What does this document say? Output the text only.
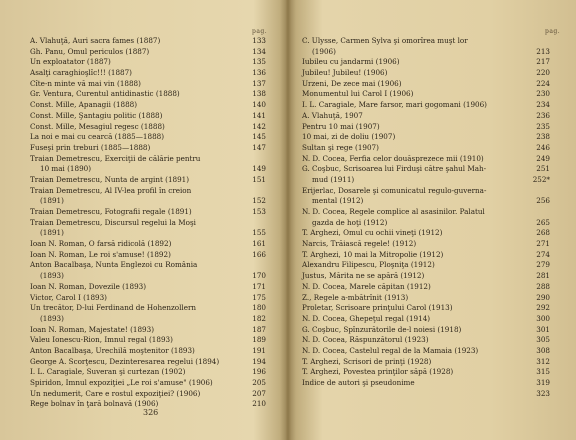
pag.
A. Vlahuţă, Auri sacra fames (1887)	133
Gh. Panu, Omul periculos (1887)	134
Un exploatator (1887)	135
Asalţi caraghioşlîc!!! (1887)	136
Cîte-n minte vă mai vin (1888)	137
Gr. Ventura, Curentul antidinastic (1888)	138
Const. Mille, Apanagii (1888)	140
Const. Mille, Şantagiu politic (1888)	141
Const. Mille, Mesagiul regesc (1888)	142
La noi e mai cu cearcă (1885—1888)	145
Fuseşi prin treburi (1885—1888)	147
Traian Demetrescu, Exerciţii de călărie pentru
10 mai (1890)	149
Traian Demetrescu, Nunta de argint (1891)	151
Traian Demetrescu, Al IV-lea profil în creion
(1891)	152
Traian Demetrescu, Fotografii regale (1891)	153
Traian Demetrescu, Discursul regelui la Moşi
(1891)	155
Ioan N. Roman, O farsă ridicolă (1892)	161
Ioan N. Roman, Le roi s'amuse! (1892)	166
Anton Bacalbaşa, Nunta Englezoi cu România
(1893)	170
Ioan N. Roman, Dovezile (1893)	171
Victor, Carol I (1893)	175
Un trecător, D-lui Ferdinand de Hohenzollern	180
(1893)	182
Ioan N. Roman, Majestate! (1893)	187
Valeu Ionescu-Rion, Imnul regal (1893)	189
Anton Bacalbaşa, Urechilă moştenitor (1893)	191
George A. Scorţescu, Dezinteresarea regelui (1894)	194
I. L. Caragiale, Suveran şi curtezan (1902)	196
Spiridon, Imnul expoziţiei „Le roi s'amuse" (1906)	205
Un nedumerit, Care e rostul expoziţiei? (1906)	207
Rege bolnav în ţară bolnavă (1906)	210
326
pag.
C. Ulysse, Carmen Sylva şi omorîrea muşt lor
(1906)	213
Iubileu cu jandarmi (1906)	217
Jubileu! Jubileu! (1906)	220
Urzeni, De zece mai (1906)	224
Monumentul lui Carol I (1906)	230
I. L. Caragiale, Mare farsor, mari gogomani (1906)	234
A. Vlahuţă, 1907	236
Pentru 10 mai (1907)	235
10 mai, zi de doliu (1907)	238
Sultan şi rege (1907)	246
N. D. Cocea, Ferfia celor douăsprezece mii (1910)	249
G. Coşbuc, Scrisoarea lui Firduşi către şahul Mah-	251
mud (1911)	252*
Erijerlac, Dosarele şi comunicatul regulo-guverna-
mental (1912)	256
N. D. Cocea, Regele complice al asasinilor. Palatul
gazda de hoţi (1912)	265
T. Arghezi, Omul cu ochii vineţi (1912)	268
Narcis, Trăiască regele! (1912)	271
T. Arghezi, 10 mai la Mitropolie (1912)	274
Alexandru Filipescu, Ploşniţa (1912)	279
Justus, Mărita ne se apără (1912)	281
N. D. Cocea, Marele căpitan (1912)	288
Z., Regele a-mbătrînit (1913)	290
Proletar, Scrisoare prinţului Carol (1913)	292
N. D. Cocea, Ghepeţul regal (1914)	300
G. Coşbuc, Spînzurătorile de-l noiesi (1918)	301
N. D. Cocea, Răspunzătorul (1923)	305
N. D. Cocea, Castelul regal de la Mamaia (1923)	308
T. Arghezi, Scrisori de prinţi (1928)	312
T. Arghezi, Povestea prinţilor săpă (1928)	315
Indice de autori şi pseudonime	319
323
